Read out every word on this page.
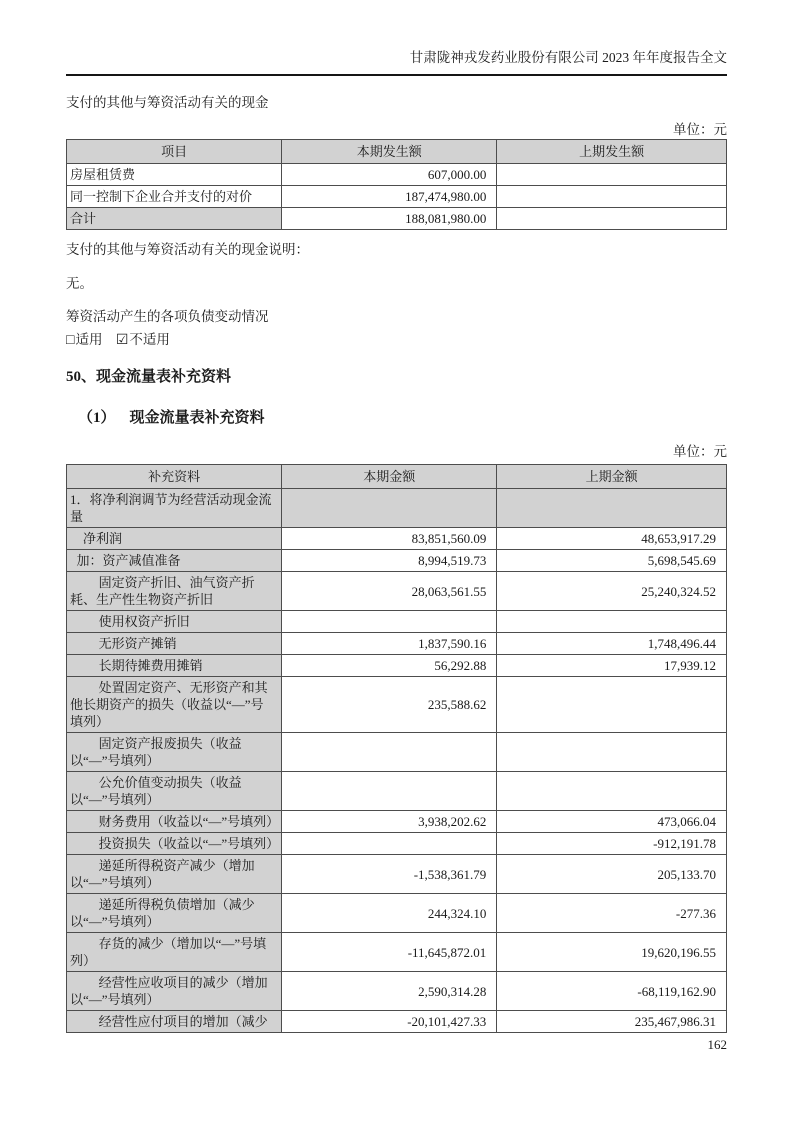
甘肃陇神戎发药业股份有限公司 2023 年年度报告全文

支付的其他与筹资活动有关的现金

单位：元
项目	本期发生额	上期发生额
房屋租赁费	607,000.00	
同一控制下企业合并支付的对价	187,474,980.00	
合计	188,081,980.00	

支付的其他与筹资活动有关的现金说明：

无。

筹资活动产生的各项负债变动情况

□适用 ☑不适用
50、现金流量表补充资料
（1） 现金流量表补充资料
单位：元
补充资料	本期金额	上期金额
1．将净利润调节为经营活动现金流量		
净利润	83,851,560.09	48,653,917.29
加：资产减值准备	8,994,519.73	5,698,545.69
固定资产折旧、油气资产折耗、生产性生物资产折旧	28,063,561.55	25,240,324.52
使用权资产折旧		
无形资产摊销	1,837,590.16	1,748,496.44
长期待摊费用摊销	56,292.88	17,939.12
处置固定资产、无形资产和其他长期资产的损失（收益以“—”号填列）	235,588.62	
固定资产报废损失（收益以“—”号填列）		
公允价值变动损失（收益以“—”号填列）		
财务费用（收益以“—”号填列）	3,938,202.62	473,066.04
投资损失（收益以“—”号填列）		-912,191.78
递延所得税资产减少（增加以“—”号填列）	-1,538,361.79	205,133.70
递延所得税负债增加（减少以“—”号填列）	244,324.10	-277.36
存货的减少（增加以“—”号填列）	-11,645,872.01	19,620,196.55
经营性应收项目的减少（增加以“—”号填列）	2,590,314.28	-68,119,162.90
经营性应付项目的增加（减少	-20,101,427.33	235,467,986.31
162
